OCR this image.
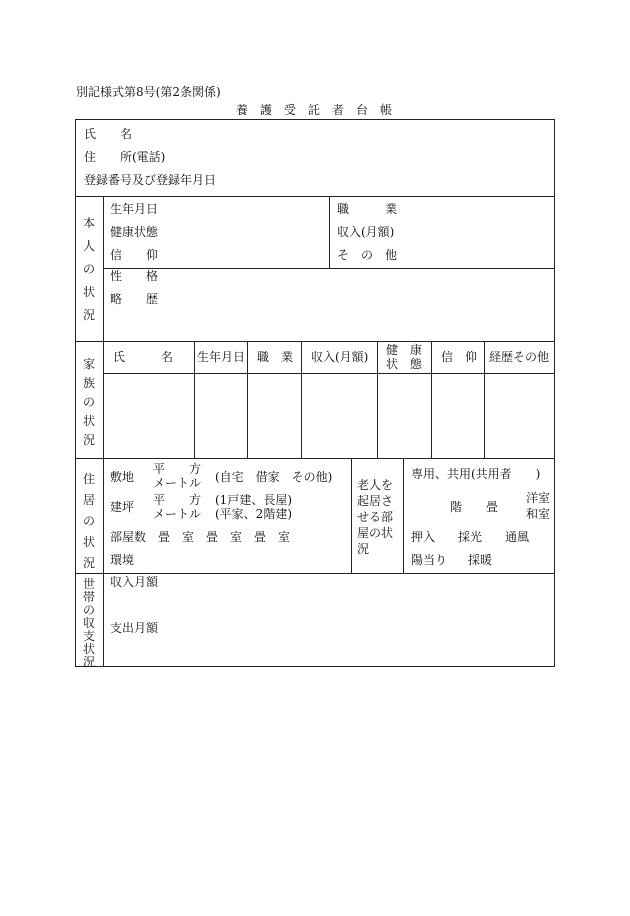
別記様式第8号(第2条関係)
養　護　受　託　者　台　帳
氏　　名
住　　所(電話)
登録番号及び登録年月日
本人の状況
生年月日
健康状態
信　　仰
職　　　業
収入(月額)
そ　の　他
性　　格
略　　歴
家族の状況
氏　　　名 生年月日 職　業 収入(月額) 健　康
状　態 信　仰 経歴その他
住居の状況
敷地
平　　方
メートル (自宅　借家　その他)
建坪 平　　方
メートル
(1戸建、長屋)
(平家、2階建)
部屋数　畳　室　畳　室　畳　室
環境
老人を起居させる部屋の状況
専用、共用(共用者　　)
階　　畳
洋室
和室
押入 採光 通風
陽当り 採暖
世帯の収支状況
収入月額
支出月額
